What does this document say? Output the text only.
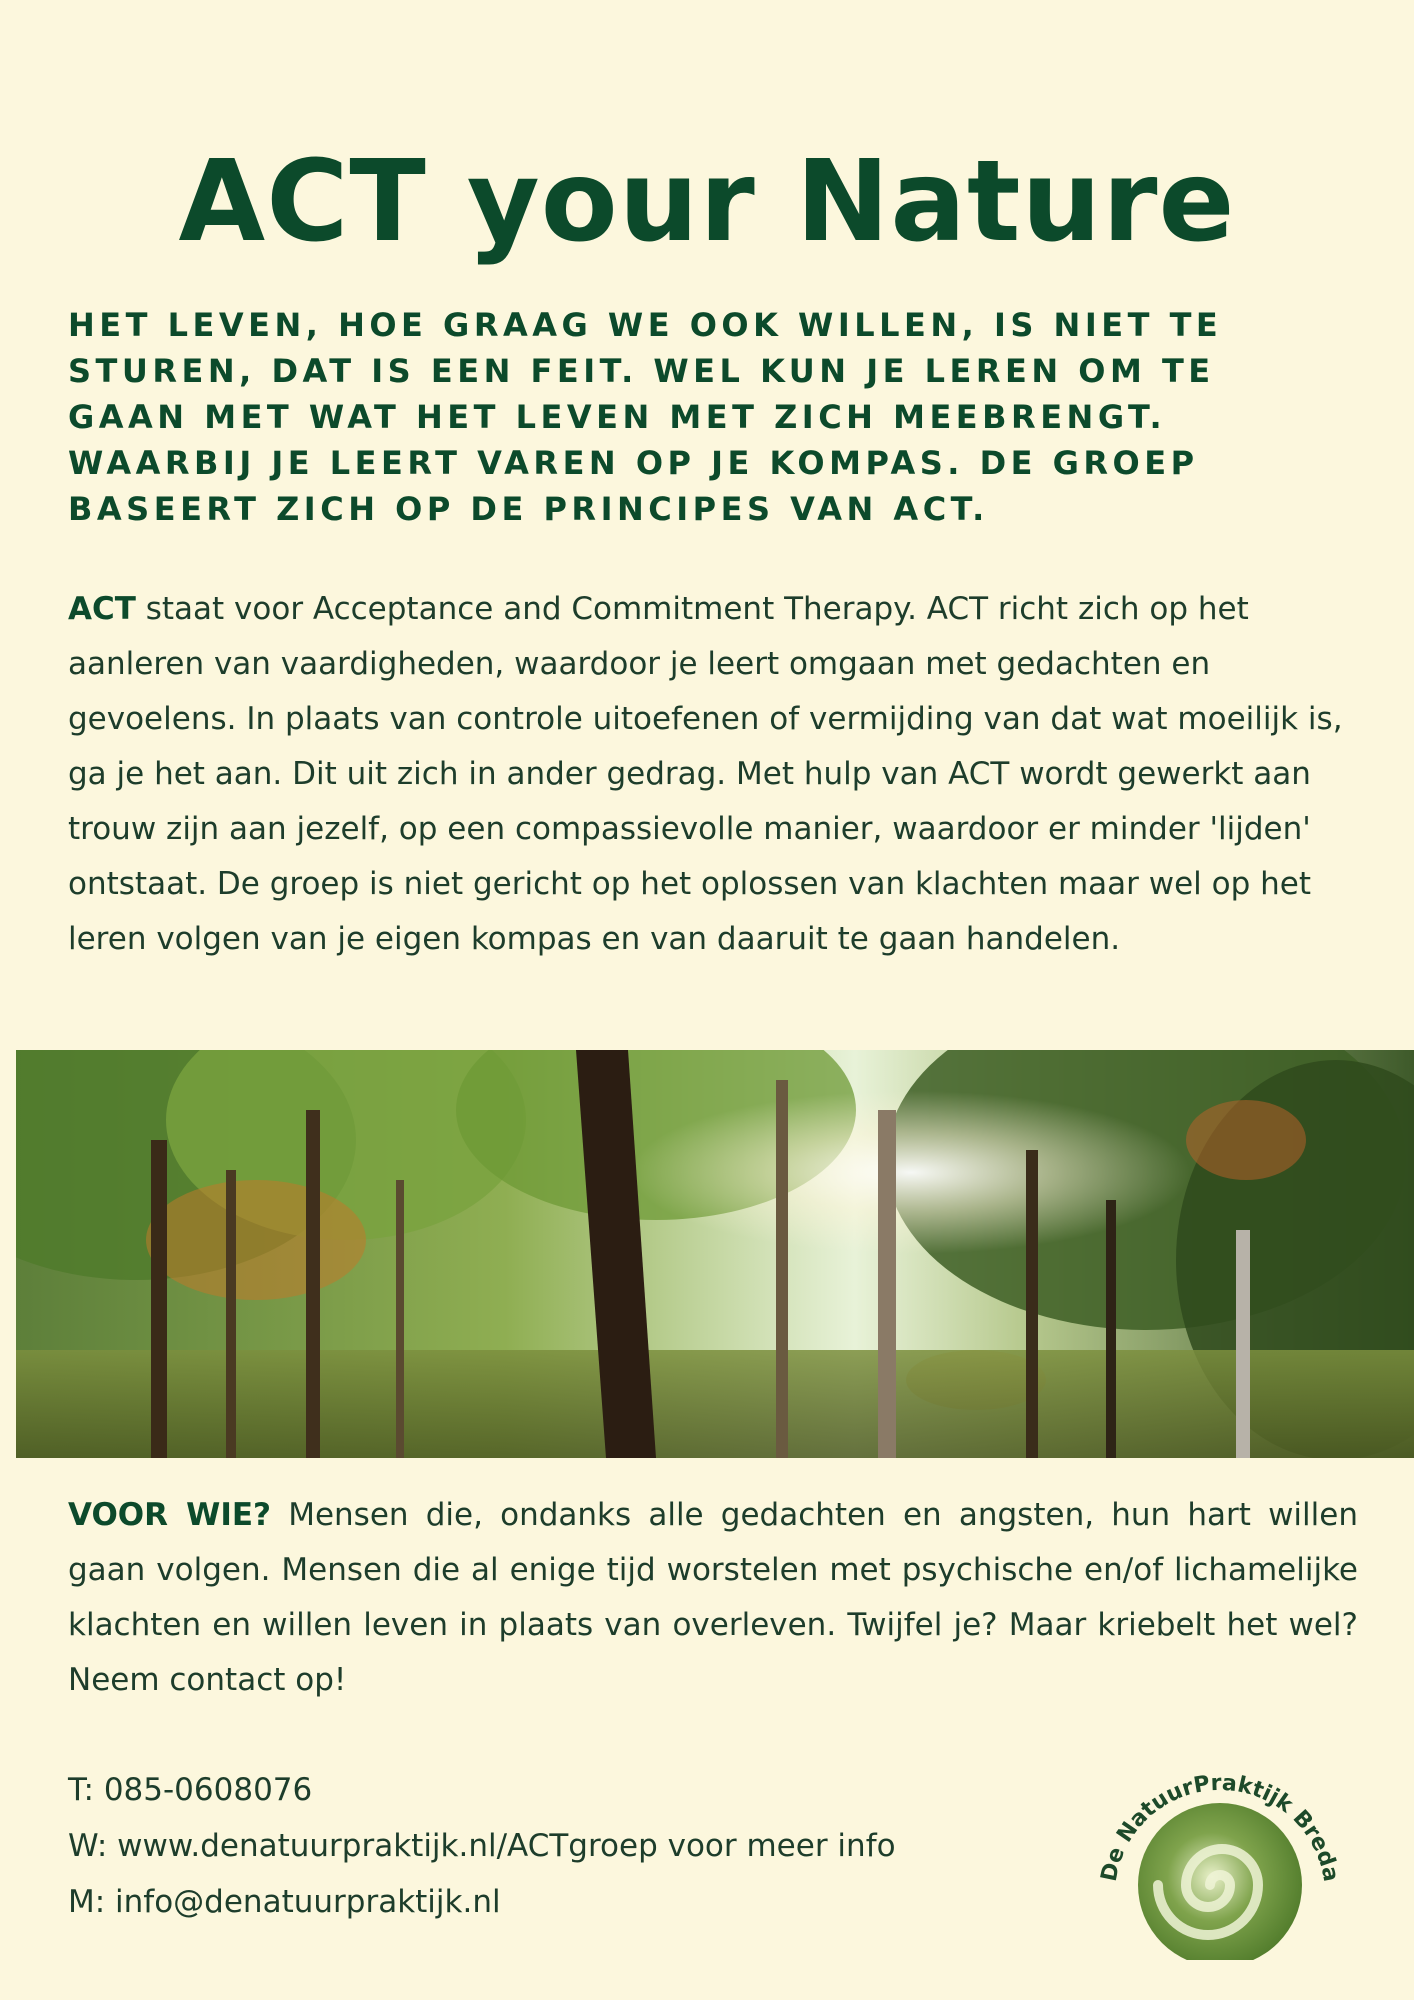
ACT your Nature
HET LEVEN, HOE GRAAG WE OOK WILLEN, IS NIET TE STUREN, DAT IS EEN FEIT. WEL KUN JE LEREN OM TE GAAN MET WAT HET LEVEN MET ZICH MEEBRENGT. WAARBIJ JE LEERT VAREN OP JE KOMPAS. DE GROEP BASEERT ZICH OP DE PRINCIPES VAN ACT.
ACT staat voor Acceptance and Commitment Therapy. ACT richt zich op het aanleren van vaardigheden, waardoor je leert omgaan met gedachten en gevoelens. In plaats van controle uitoefenen of vermijding van dat wat moeilijk is, ga je het aan. Dit uit zich in ander gedrag. Met hulp van ACT wordt gewerkt aan trouw zijn aan jezelf, op een compassievolle manier, waardoor er minder 'lijden' ontstaat. De groep is niet gericht op het oplossen van klachten maar wel op het leren volgen van je eigen kompas en van daaruit te gaan handelen.
VOOR WIE? Mensen die, ondanks alle gedachten en angsten, hun hart willen gaan volgen. Mensen die al enige tijd worstelen met psychische en/of lichamelijke klachten en willen leven in plaats van overleven. Twijfel je? Maar kriebelt het wel? Neem contact op!
T: 085-0608076
W: www.denatuurpraktijk.nl/ACTgroep voor meer info
M: info@denatuurpraktijk.nl
De NatuurPraktijk Breda
